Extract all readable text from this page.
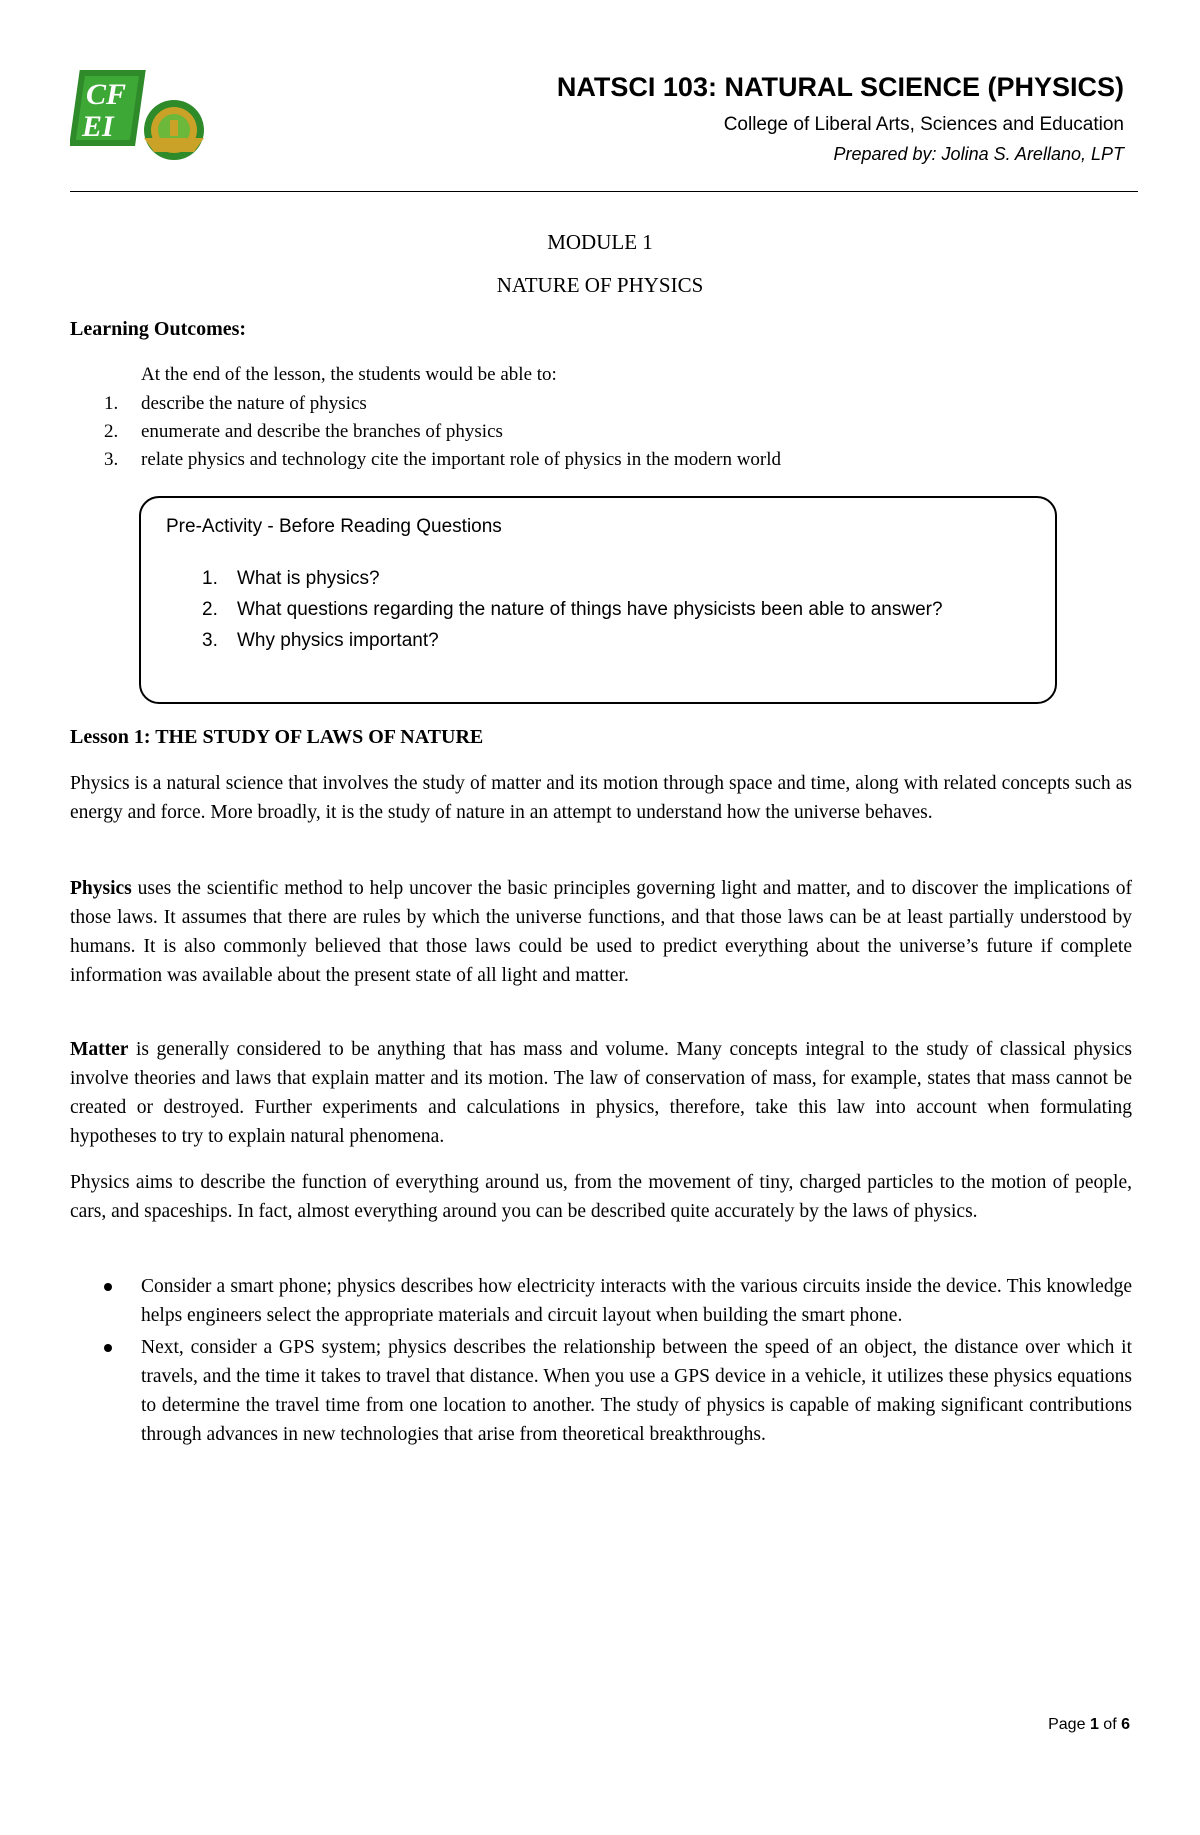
CF
EI
NATSCI 103: NATURAL SCIENCE (PHYSICS)
College of Liberal Arts, Sciences and Education
Prepared by: Jolina S. Arellano, LPT
MODULE 1
NATURE OF PHYSICS
Learning Outcomes:
At the end of the lesson, the students would be able to:
1. describe the nature of physics
2. enumerate and describe the branches of physics
3. relate physics and technology cite the important role of physics in the modern world
Pre-Activity - Before Reading Questions
1. What is physics?
2. What questions regarding the nature of things have physicists been able to answer?
3. Why physics important?
Lesson 1: THE STUDY OF LAWS OF NATURE

Physics is a natural science that involves the study of matter and its motion through space and time, along with related concepts such as energy and force. More broadly, it is the study of nature in an attempt to understand how the universe behaves.

Physics uses the scientific method to help uncover the basic principles governing light and matter, and to discover the implications of those laws. It assumes that there are rules by which the universe functions, and that those laws can be at least partially understood by humans. It is also commonly believed that those laws could be used to predict everything about the universe’s future if complete information was available about the present state of all light and matter.

Matter is generally considered to be anything that has mass and volume. Many concepts integral to the study of classical physics involve theories and laws that explain matter and its motion. The law of conservation of mass, for example, states that mass cannot be created or destroyed. Further experiments and calculations in physics, therefore, take this law into account when formulating hypotheses to try to explain natural phenomena.

Physics aims to describe the function of everything around us, from the movement of tiny, charged particles to the motion of people, cars, and spaceships. In fact, almost everything around you can be described quite accurately by the laws of physics.

Consider a smart phone; physics describes how electricity interacts with the various circuits inside the device. This knowledge helps engineers select the appropriate materials and circuit layout when building the smart phone.
Next, consider a GPS system; physics describes the relationship between the speed of an object, the distance over which it travels, and the time it takes to travel that distance. When you use a GPS device in a vehicle, it utilizes these physics equations to determine the travel time from one location to another. The study of physics is capable of making significant contributions through advances in new technologies that arise from theoretical breakthroughs.
Page 1 of 6
